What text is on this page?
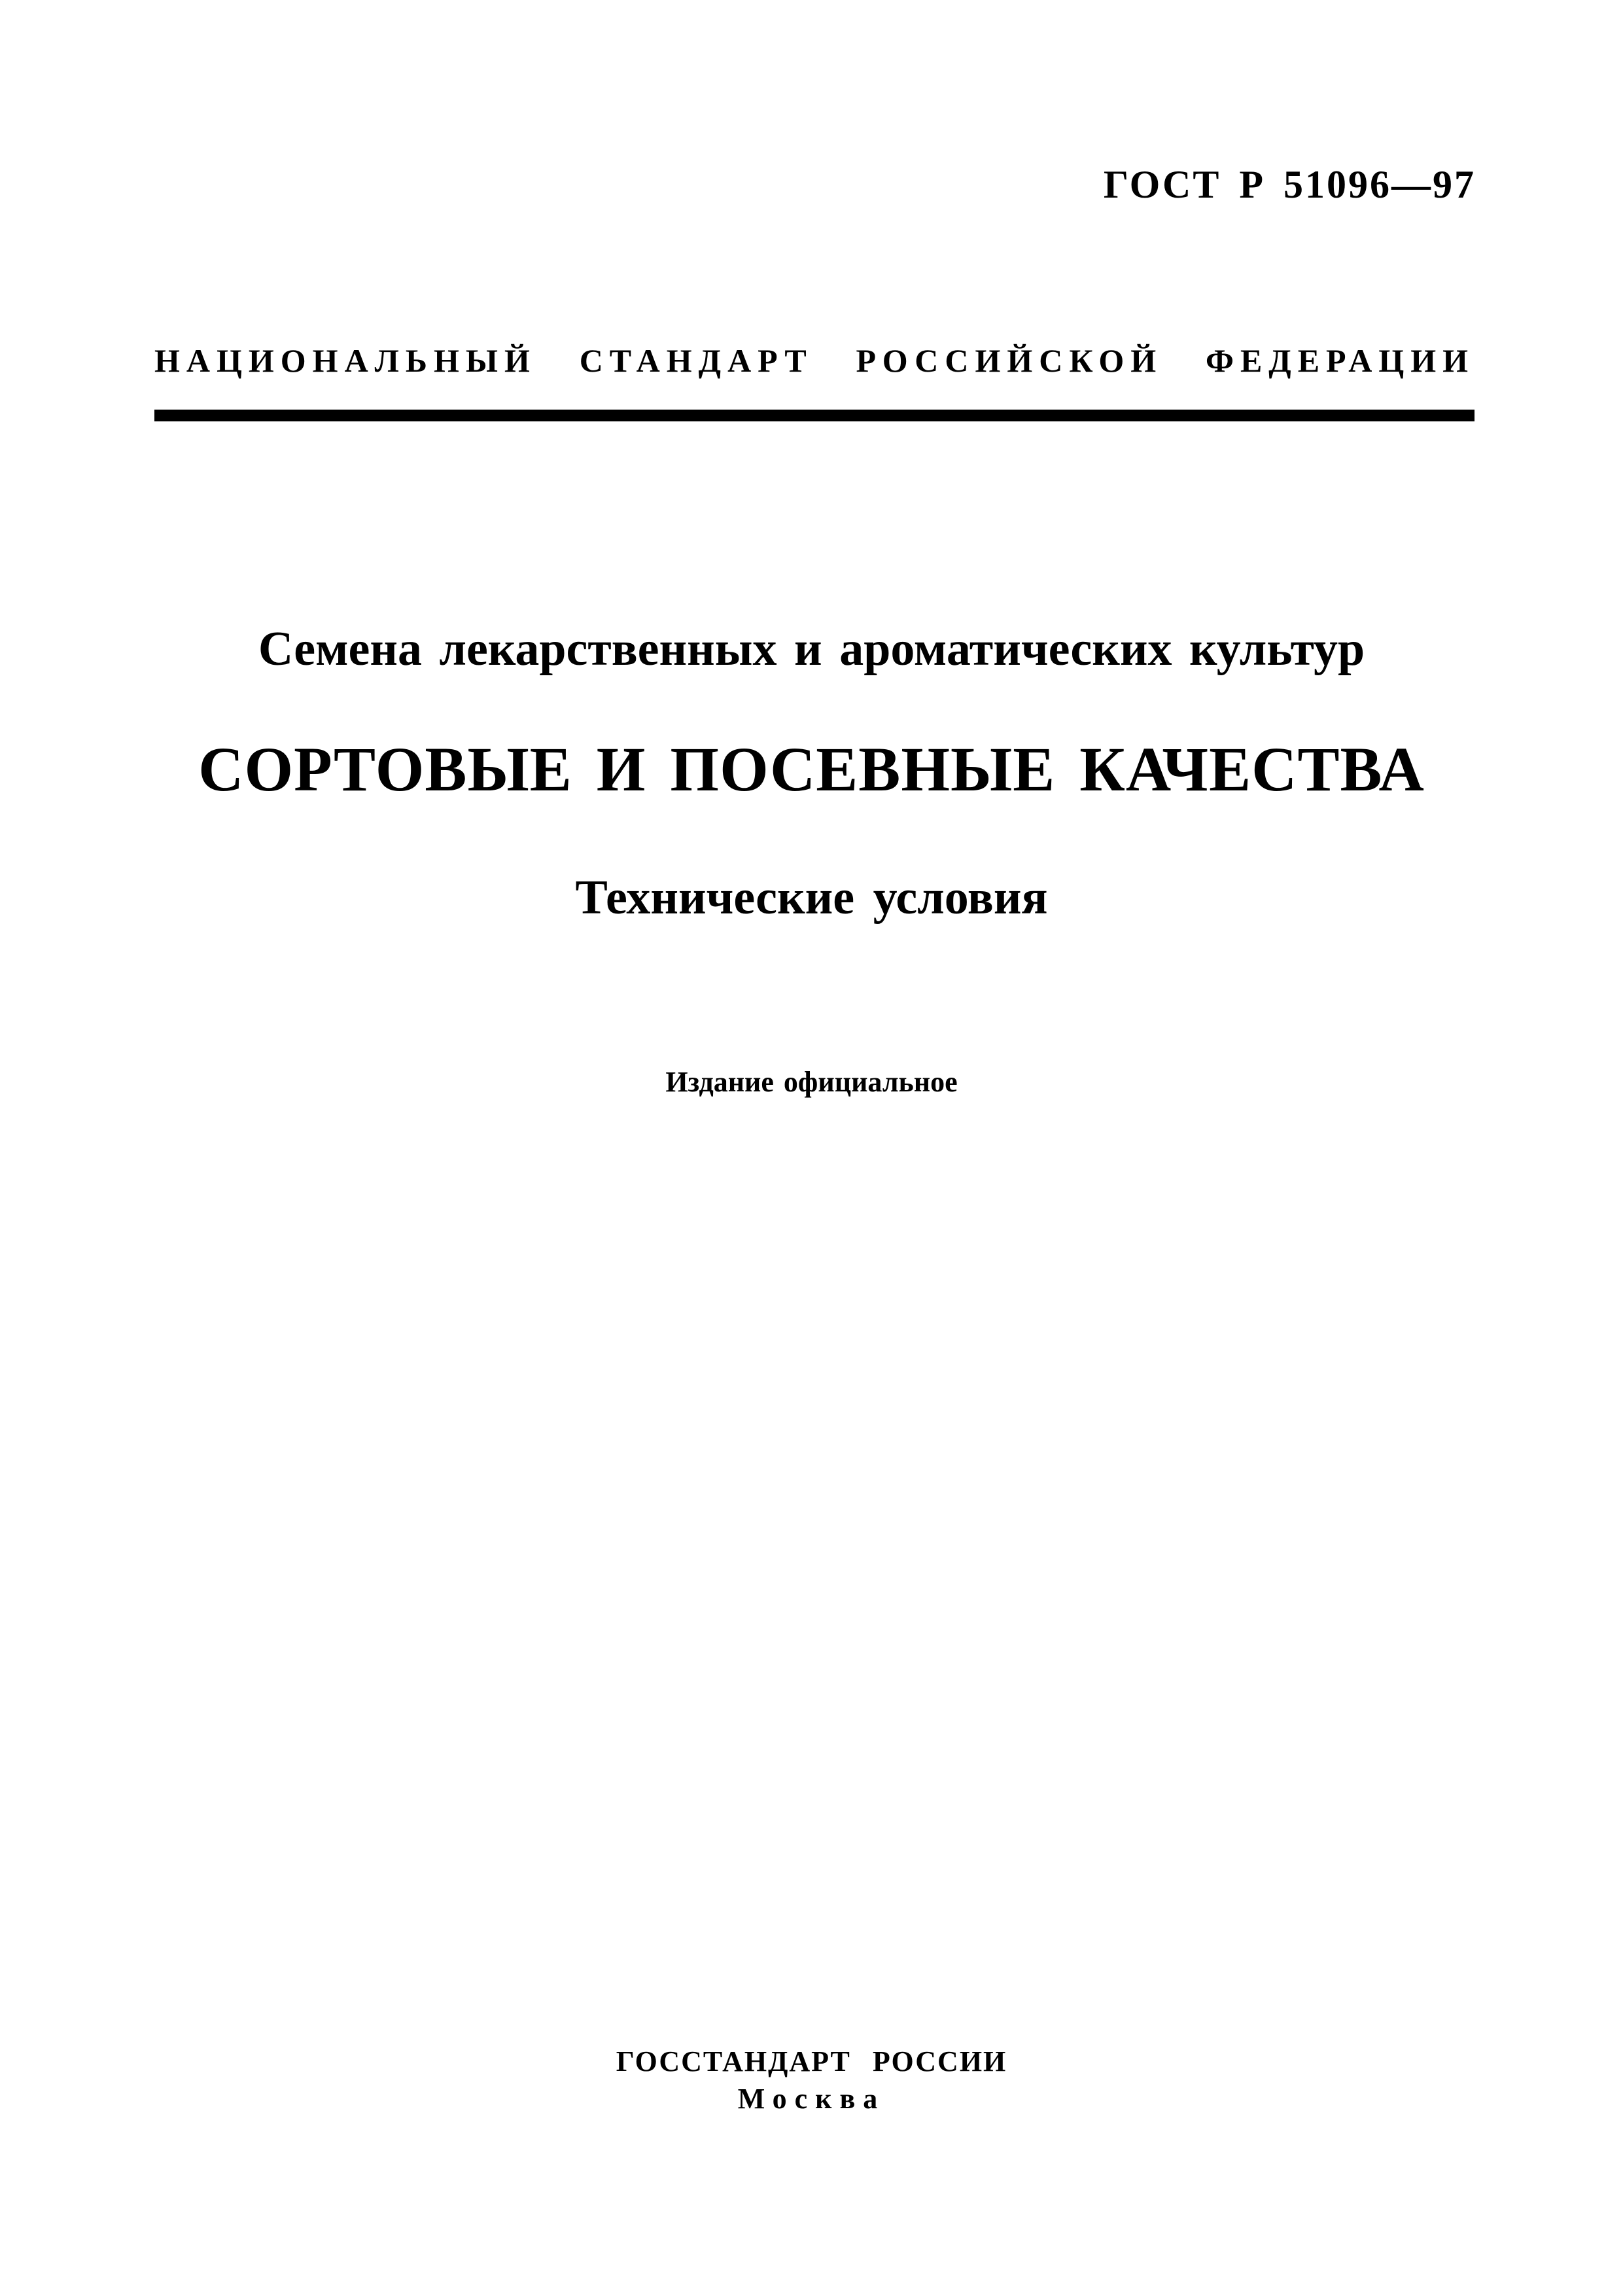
ГОСТ Р 51096—97
НАЦИОНАЛЬНЫЙ СТАНДАРТ РОССИЙСКОЙ ФЕДЕРАЦИИ
Семена лекарственных и ароматических культур
СОРТОВЫЕ И ПОСЕВНЫЕ КАЧЕСТВА
Технические условия
Издание официальное
ГОССТАНДАРТ РОССИИ
Москва
